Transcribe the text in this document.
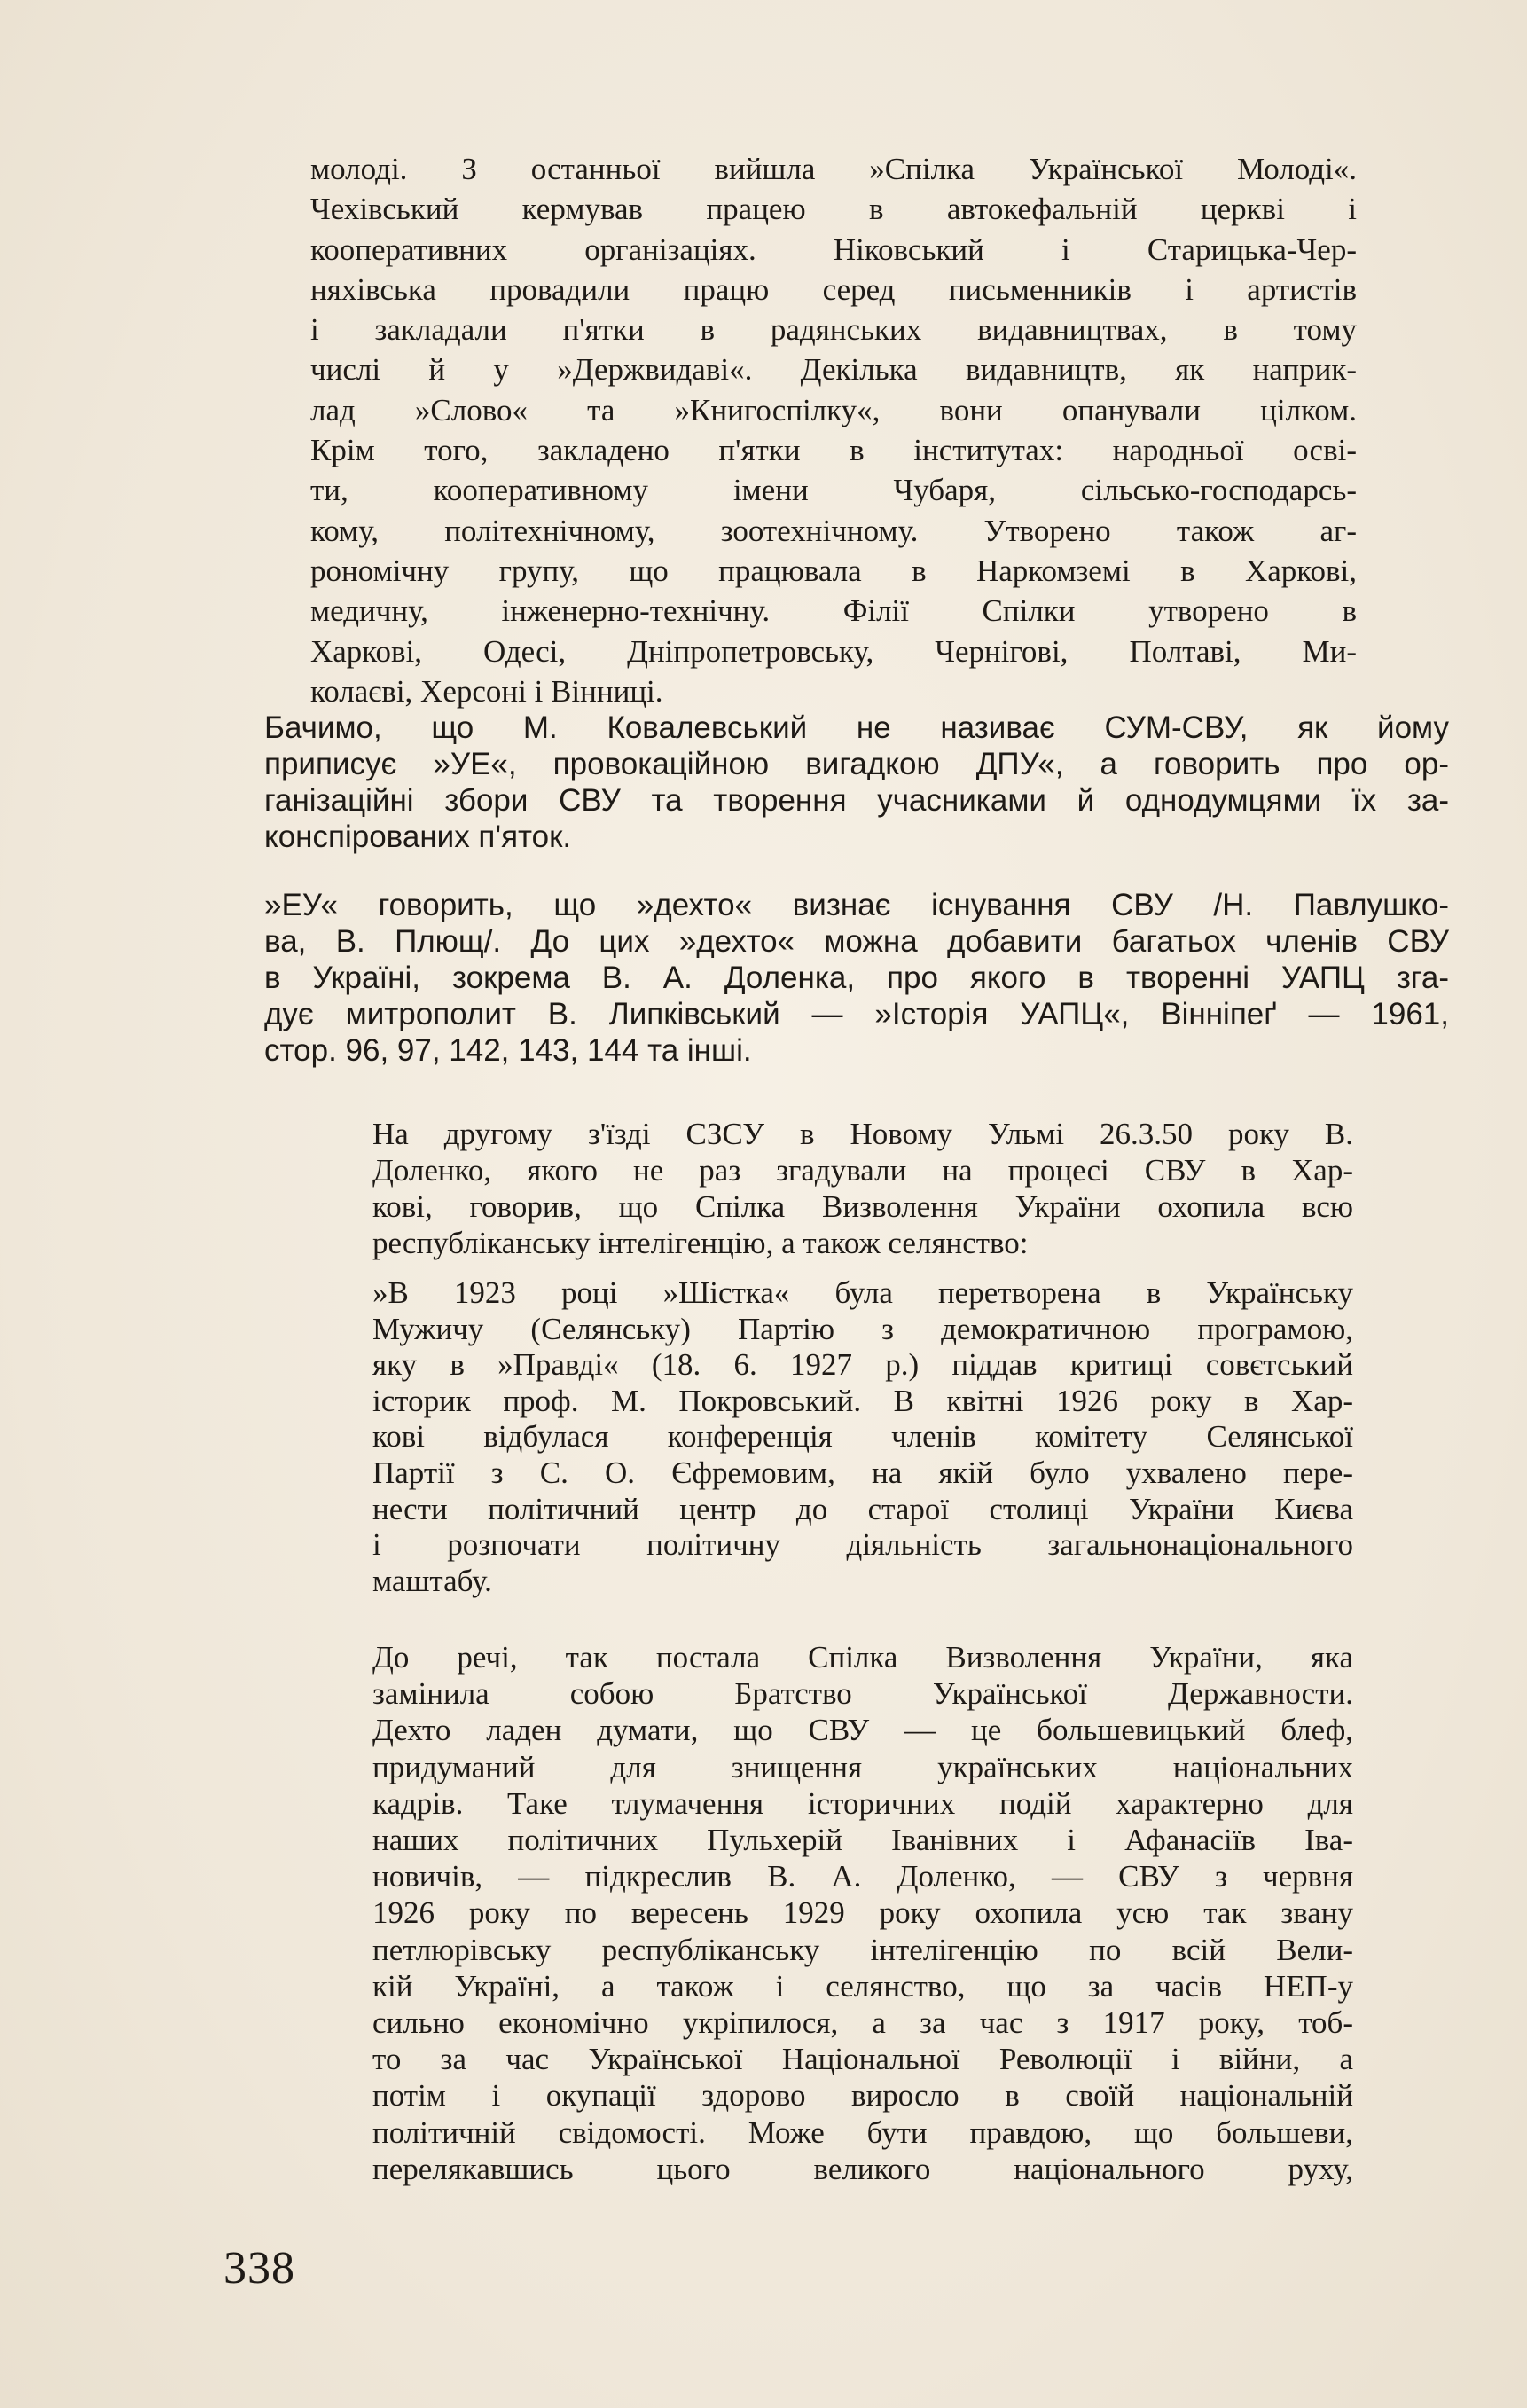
молоді. З останньої вийшла »Спілка Української Молоді«.
Чехівський кермував працею в автокефальній церкві і
кооперативних організаціях. Ніковський і Старицька-Чер-
няхівська провадили працю серед письменників і артистів
і закладали п'ятки в радянських видавництвах, в тому
числі й у »Держвидаві«. Декілька видавництв, як наприк-
лад »Слово« та »Книгоспілку«, вони опанували цілком.
Крім того, закладено п'ятки в інститутах: народньої осві-
ти, кооперативному імени Чубаря, сільсько-господарсь-
кому, політехнічному, зоотехнічному. Утворено також аг-
рономічну групу, що працювала в Наркомземі в Харкові,
медичну, інженерно-технічну. Філії Спілки утворено в
Харкові, Одесі, Дніпропетровську, Чернігові, Полтаві, Ми-
колаєві, Херсоні і Вінниці.
Бачимо, що М. Ковалевський не називає СУМ-СВУ, як йому
приписує »УЕ«, провокаційною вигадкою ДПУ«, а говорить про ор-
ганізаційні збори СВУ та творення учасниками й однодумцями їх за-
конспірованих п'яток.
»ЕУ« говорить, що »дехто« визнає існування СВУ /Н. Павлушко-
ва, В. Плющ/. До цих »дехто« можна добавити багатьох членів СВУ
в Україні, зокрема В. А. Доленка, про якого в творенні УАПЦ зга-
дує митрополит В. Липківський — »Історія УАПЦ«, Вінніпеґ — 1961,
стор. 96, 97, 142, 143, 144 та інші.
На другому з'їзді СЗСУ в Новому Ульмі 26.3.50 року В.
Доленко, якого не раз згадували на процесі СВУ в Хар-
кові, говорив, що Спілка Визволення України охопила всю
республіканську інтелігенцію, а також селянство:
»В 1923 році »Шістка« була перетворена в Українську
Мужичу (Селянську) Партію з демократичною програмою,
яку в »Правді« (18. 6. 1927 р.) піддав критиці совєтський
історик проф. М. Покровський. В квітні 1926 року в Хар-
кові відбулася конференція членів комітету Селянської
Партії з С. О. Єфремовим, на якій було ухвалено пере-
нести політичний центр до старої столиці України Києва
і розпочати політичну діяльність загальнонаціонального
маштабу.
До речі, так постала Спілка Визволення України, яка
замінила собою Братство Української Державности.
Дехто ладен думати, що СВУ — це большевицький блеф,
придуманий для знищення українських національних
кадрів. Таке тлумачення історичних подій характерно для
наших політичних Пульхерій Іванівних і Афанасіїв Іва-
новичів, — підкреслив В. А. Доленко, — СВУ з червня
1926 року по вересень 1929 року охопила усю так звану
петлюрівську республіканську інтелігенцію по всій Вели-
кій Україні, а також і селянство, що за часів НЕП-у
сильно економічно укріпилося, а за час з 1917 року, тоб-
то за час Української Національної Революції і війни, а
потім і окупації здорово виросло в своїй національній
політичній свідомості. Може бути правдою, що большеви,
перелякавшись цього великого національного руху,
338
